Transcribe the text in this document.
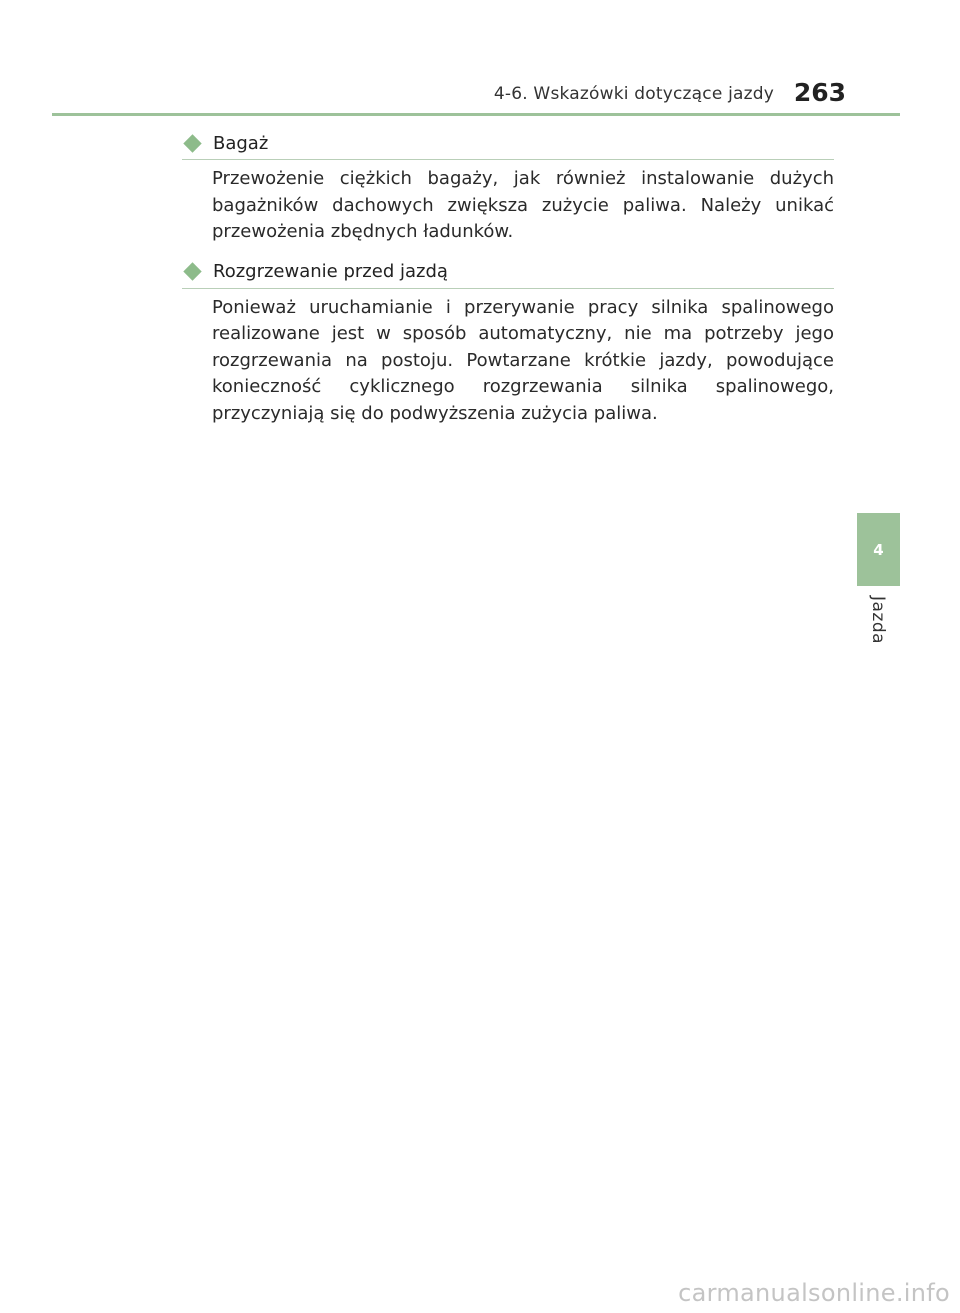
4-6. Wskazówki dotyczące jazdy 263
4
Jazda
Bagaż
Przewożenie ciężkich bagaży, jak również instalowanie dużych bagażników dachowych zwiększa zużycie paliwa. Należy unikać przewożenia zbędnych ładunków.
Rozgrzewanie przed jazdą
Ponieważ uruchamianie i przerywanie pracy silnika spalinowego realizowane jest w sposób automatyczny, nie ma potrzeby jego rozgrzewania na postoju. Powtarzane krótkie jazdy, powodujące konieczność cyklicznego rozgrzewania silnika spalinowego, przyczyniają się do podwyższenia zużycia paliwa.
carmanualsonline.info
